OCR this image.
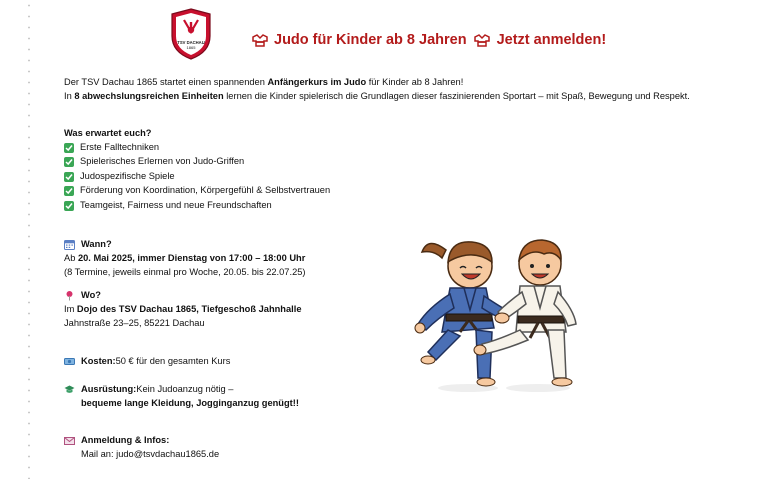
TSV DACHAU
1865	Judo für Kinder ab 8 Jahren Jetzt anmelden!
Der TSV Dachau 1865 startet einen spannenden Anfängerkurs im Judo für Kinder ab 8 Jahren!
In 8 abwechslungsreichen Einheiten lernen die Kinder spielerisch die Grundlagen dieser faszinierenden Sportart – mit Spaß, Bewegung und Respekt.
Was erwartet euch?
Erste Falltechniken
Spielerisches Erlernen von Judo-Griffen
Judospezifische Spiele
Förderung von Koordination, Körpergefühl & Selbstvertrauen
Teamgeist, Fairness und neue Freundschaften
Wann?
Ab 20. Mai 2025, immer Dienstag von 17:00 – 18:00 Uhr
(8 Termine, jeweils einmal pro Woche, 20.05. bis 22.07.25)
Wo?
Im Dojo des TSV Dachau 1865, Tiefgeschoß Jahnhalle
Jahnstraße 23–25, 85221 Dachau
Kosten: 50 € für den gesamten Kurs
Ausrüstung: Kein Judoanzug nötig –
bequeme lange Kleidung, Jogginganzug genügt!!
Anmeldung & Infos:
Mail an: judo@tsvdachau1865.de
